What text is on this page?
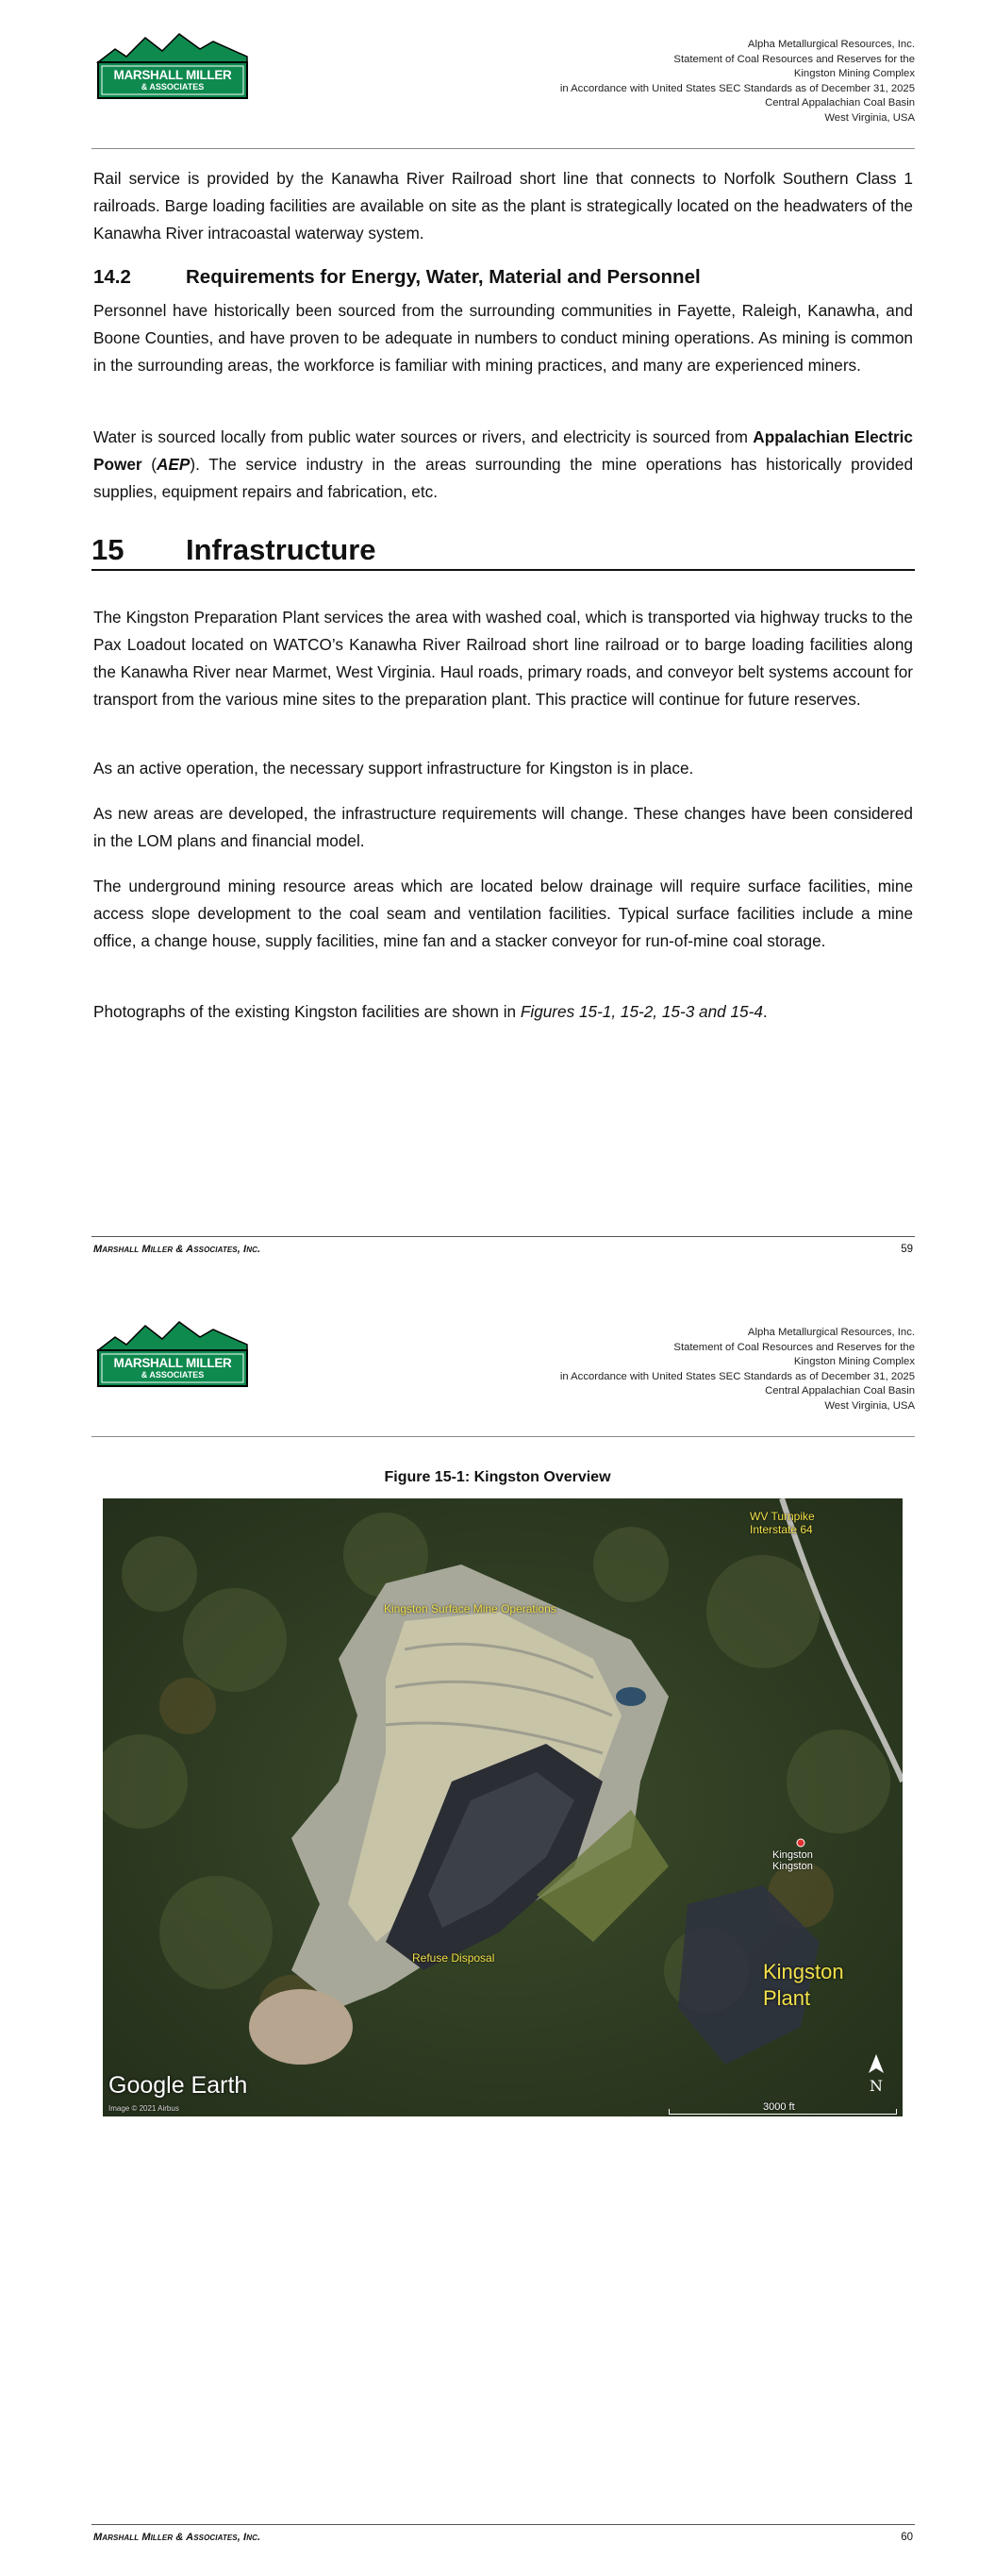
MARSHALL MILLER
& ASSOCIATES
Alpha Metallurgical Resources, Inc.
Statement of Coal Resources and Reserves for the
Kingston Mining Complex
in Accordance with United States SEC Standards as of December 31, 2025
Central Appalachian Coal Basin
West Virginia, USA

Rail service is provided by the Kanawha River Railroad short line that connects to Norfolk Southern Class 1 railroads. Barge loading facilities are available on site as the plant is strategically located on the headwaters of the Kanawha River intracoastal waterway system.

14.2	Requirements for Energy, Water, Material and Personnel

Personnel have historically been sourced from the surrounding communities in Fayette, Raleigh, Kanawha, and Boone Counties, and have proven to be adequate in numbers to conduct mining operations. As mining is common in the surrounding areas, the workforce is familiar with mining practices, and many are experienced miners.

Water is sourced locally from public water sources or rivers, and electricity is sourced from Appalachian Electric Power (AEP). The service industry in the areas surrounding the mine operations has historically provided supplies, equipment repairs and fabrication, etc.

15 Infrastructure

The Kingston Preparation Plant services the area with washed coal, which is transported via highway trucks to the Pax Loadout located on WATCO’s Kanawha River Railroad short line railroad or to barge loading facilities along the Kanawha River near Marmet, West Virginia. Haul roads, primary roads, and conveyor belt systems account for transport from the various mine sites to the preparation plant. This practice will continue for future reserves.

As an active operation, the necessary support infrastructure for Kingston is in place.

As new areas are developed, the infrastructure requirements will change. These changes have been considered in the LOM plans and financial model.

The underground mining resource areas which are located below drainage will require surface facilities, mine access slope development to the coal seam and ventilation facilities. Typical surface facilities include a mine office, a change house, supply facilities, mine fan and a stacker conveyor for run-of-mine coal storage.

Photographs of the existing Kingston facilities are shown in Figures 15-1, 15-2, 15-3 and 15-4.

Marshall Miller & Associates, Inc.	59
MARSHALL MILLER
& ASSOCIATES
Alpha Metallurgical Resources, Inc.
Statement of Coal Resources and Reserves for the
Kingston Mining Complex
in Accordance with United States SEC Standards as of December 31, 2025
Central Appalachian Coal Basin
West Virginia, USA
Figure 15-1: Kingston Overview
WV Turnpike
Interstate 64
Kingston Surface Mine Operations
Refuse Disposal
Kingston
Kingston
Kingston
Plant
Google Earth
Image © 2021 Airbus	3000 ft
N
Marshall Miller & Associates, Inc.	60
